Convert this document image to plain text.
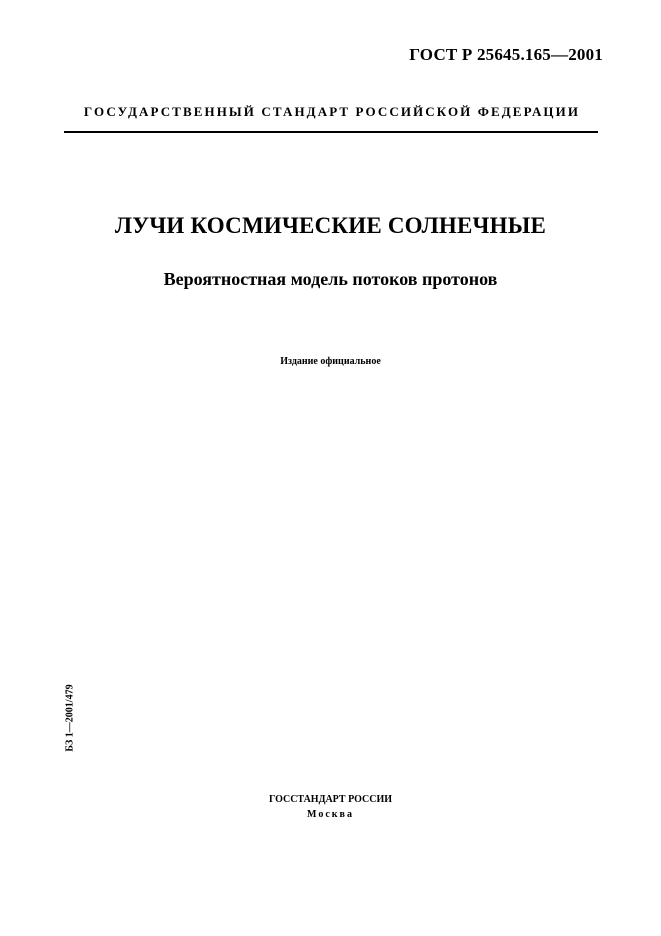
ГОСТ Р 25645.165—2001
ГОСУДАРСТВЕННЫЙ СТАНДАРТ РОССИЙСКОЙ ФЕДЕРАЦИИ
ЛУЧИ КОСМИЧЕСКИЕ СОЛНЕЧНЫЕ
Вероятностная модель потоков протонов
Издание официальное
БЗ 1—2001/479
ГОССТАНДАРТ РОССИИ
Москва
